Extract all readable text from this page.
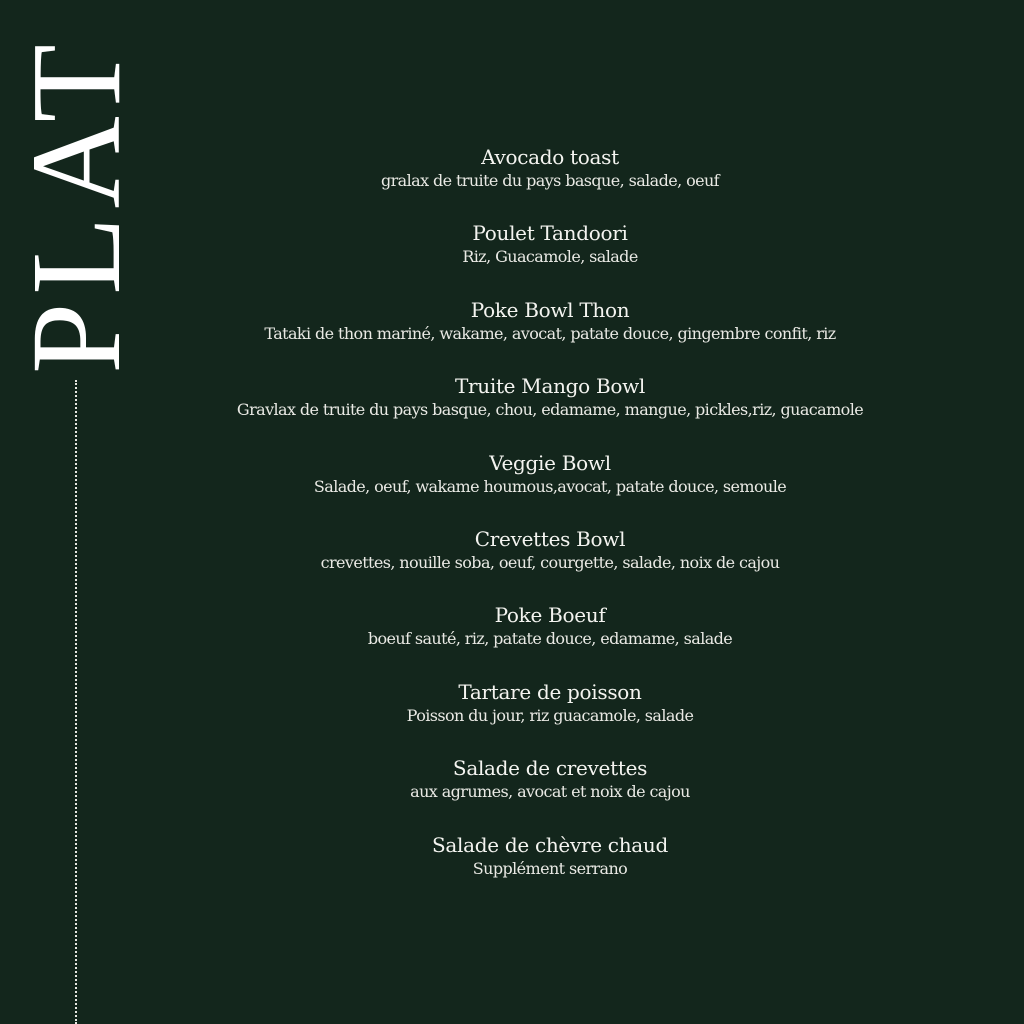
PLAT	Avocado toast
gralax de truite du pays basque, salade, oeuf
Poulet Tandoori
Riz, Guacamole, salade
Poke Bowl Thon
Tataki de thon mariné, wakame, avocat, patate douce, gingembre confit, riz
Truite Mango Bowl
Gravlax de truite du pays basque, chou, edamame, mangue, pickles,riz, guacamole
Veggie Bowl
Salade, oeuf, wakame houmous,avocat, patate douce, semoule
Crevettes Bowl
crevettes, nouille soba, oeuf, courgette, salade, noix de cajou
Poke Boeuf
boeuf sauté, riz, patate douce, edamame, salade
Tartare de poisson
Poisson du jour, riz guacamole, salade
Salade de crevettes
aux agrumes, avocat et noix de cajou
Salade de chèvre chaud
Supplément serrano
